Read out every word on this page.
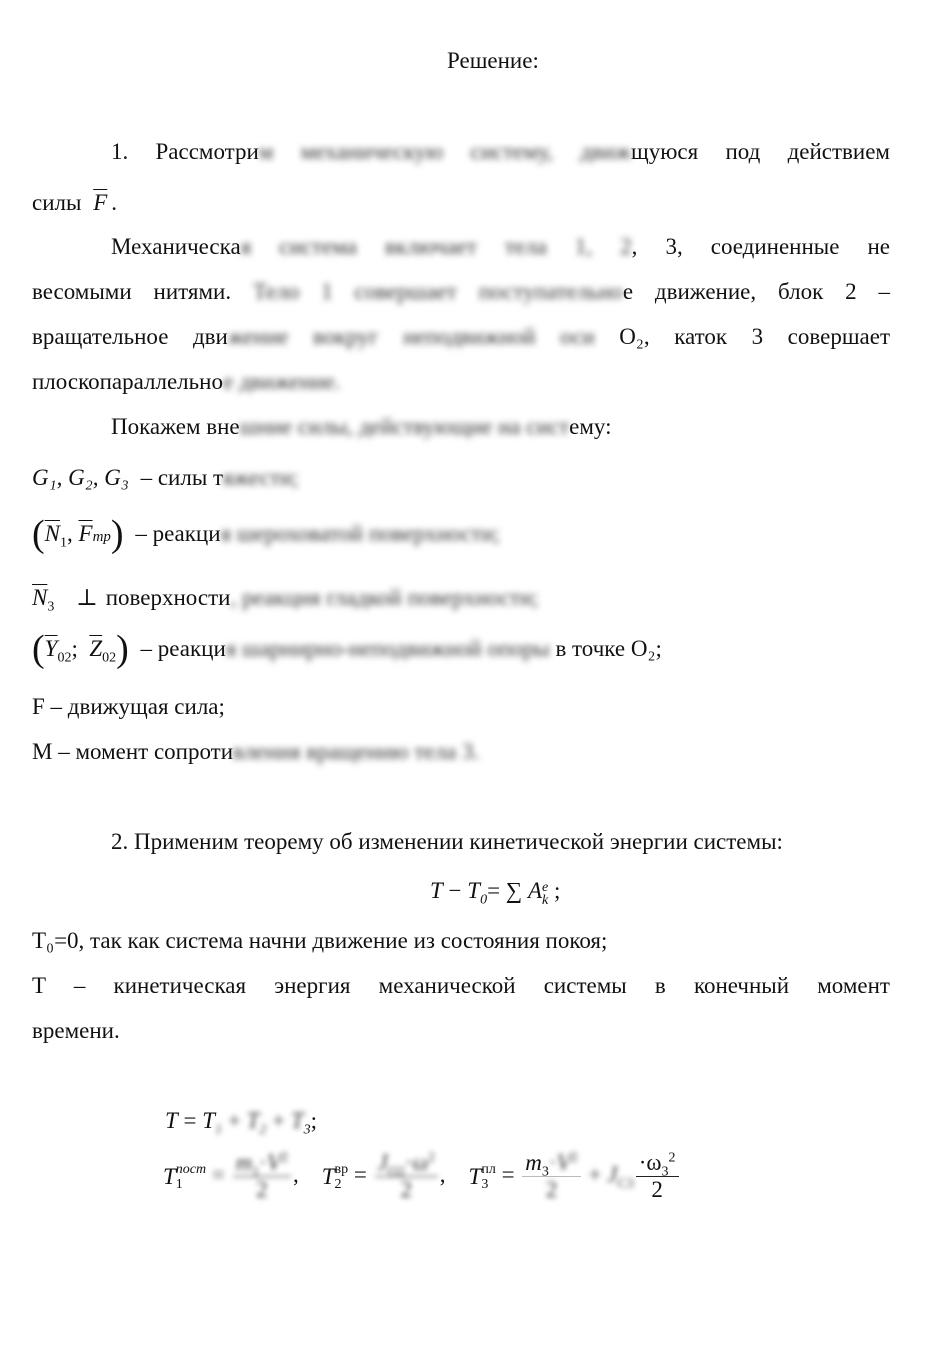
Решение:
1. Рассмотрим механическую систему, движщуюся под действием
силы $\overline{F}$ .
Механическая система включает тела 1, 2, 3, соединенные не
весомыми нитями. Тело 1 совершает поступательное движение, блок 2 –
вращательное движение вокруг неподвижной оси O₂, каток 3 совершает
плоскопараллельное движение.
Покажем внешние силы, действующие на систему:
G₁, G₂, G₃ – силы тяжести;
($\overline{N}_1$, $\overline{F}тр$) – реакция шероховатой поверхности;
$\overline{N}_3$ ⊥ поверхности, реакция гладкой поверхности;
($\overline{Y}_{02}$;  $\overline{Z}_{02}$) – реакция шарнирно-неподвижной опоры в точке O₂;
F – движущая сила;
M – момент сопротивления вращению тела 3.
2. Применим теорему об изменении кинетической энергии системы:
$T - T_0=$ ∑ Ae
k ;
T₀=0, так как система начни движение из состояния покоя;
T – кинетическая энергия механической системы в конечный момент
времени.
$T = T_1 + T_2 + T_3$;
Tпост
$1 = \frac{m_1\cdot V^2}{2}$ ,    Tвр
$2 = \frac{J_{O2}\cdot\omega^2}{2}$ ,    Tпл
$3 = \frac{m_3\cdot V^2}{2} + J_{C3} \frac{\cdot\omega_3^2}{2}$
